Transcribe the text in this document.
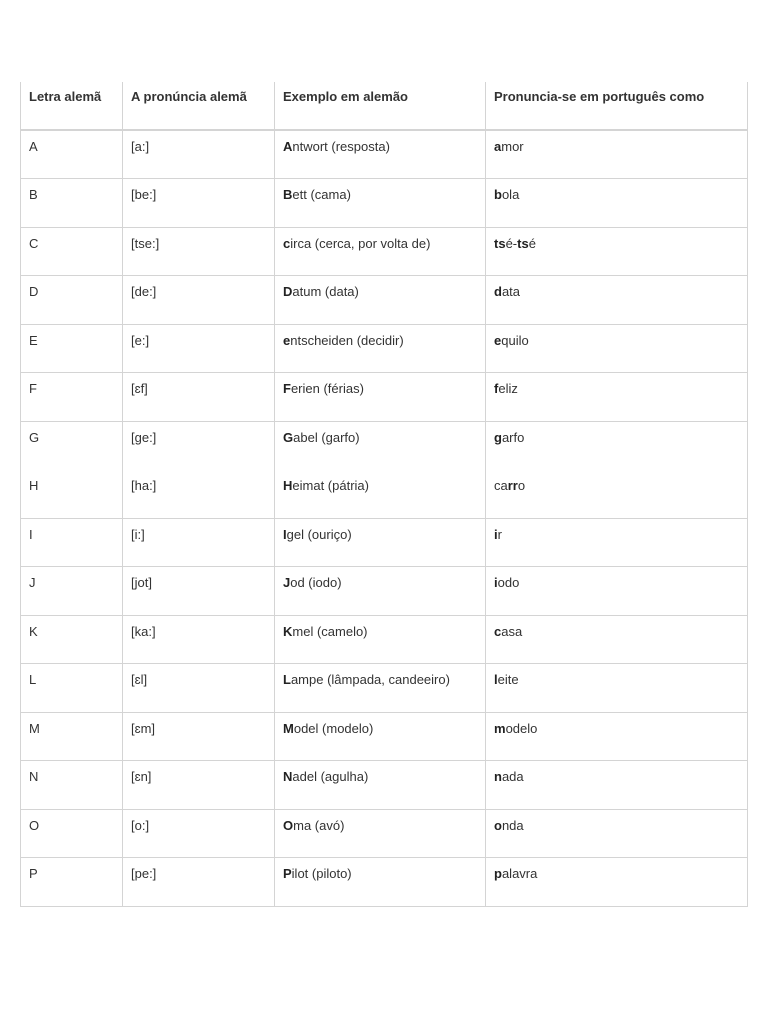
Letra alemã	A pronúncia alemã	Exemplo em alemão	Pronuncia-se em português como
A	[a:]	Antwort (resposta)	amor
B	[be:]	Bett (cama)	bola
C	[tse:]	circa (cerca, por volta de)	tsé-tsé
D	[de:]	Datum (data)	data
E	[e:]	entscheiden (decidir)	equilo
F	[ɛf]	Ferien (férias)	feliz
G	[ge:]	Gabel (garfo)	garfo
H	[ha:]	Heimat (pátria)	carro
I	[i:]	Igel (ouriço)	ir
J	[jot]	Jod (iodo)	iodo
K	[ka:]	Kmel (camelo)	casa
L	[ɛl]	Lampe (lâmpada, candeeiro)	leite
M	[ɛm]	Model (modelo)	modelo
N	[ɛn]	Nadel (agulha)	nada
O	[o:]	Oma (avó)	onda
P	[pe:]	Pilot (piloto)	palavra
